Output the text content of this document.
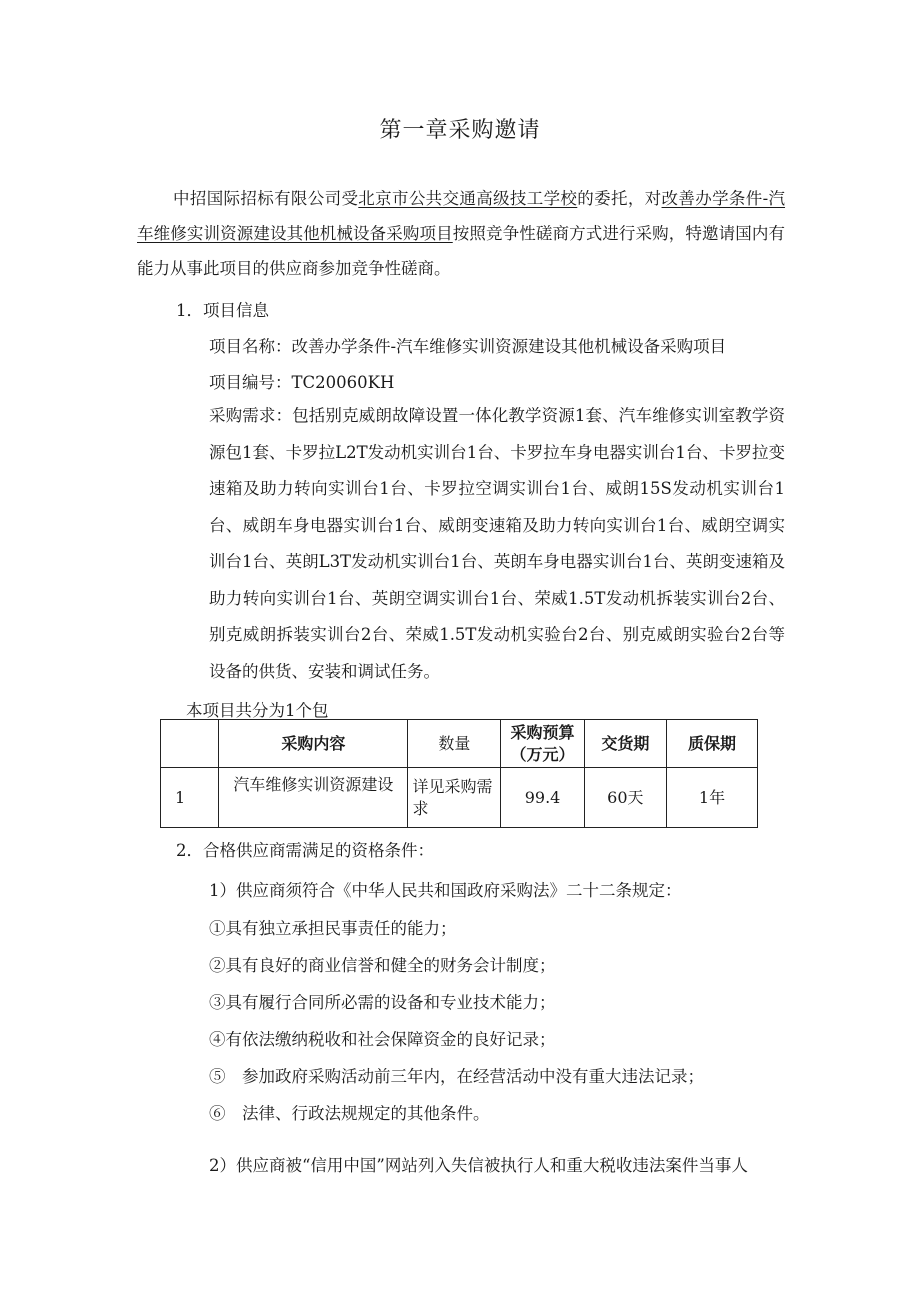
第一章采购邀请
中招国际招标有限公司受北京市公共交通高级技工学校的委托，对改善办学条件-汽车维修实训资源建设其他机械设备采购项目按照竞争性磋商方式进行采购，特邀请国内有能力从事此项目的供应商参加竞争性磋商。
1．项目信息
项目名称：改善办学条件-汽车维修实训资源建设其他机械设备采购项目
项目编号：TC20060KH
采购需求：包括别克威朗故障设置一体化教学资源1套、汽车维修实训室教学资源包1套、卡罗拉L2T发动机实训台1台、卡罗拉车身电器实训台1台、卡罗拉变速箱及助力转向实训台1台、卡罗拉空调实训台1台、威朗15S发动机实训台1台、威朗车身电器实训台1台、威朗变速箱及助力转向实训台1台、威朗空调实训台1台、英朗L3T发动机实训台1台、英朗车身电器实训台1台、英朗变速箱及助力转向实训台1台、英朗空调实训台1台、荣威1.5T发动机拆装实训台2台、别克威朗拆装实训台2台、荣威1.5T发动机实验台2台、别克威朗实验台2台等设备的供货、安装和调试任务。
本项目共分为1个包
	采购内容	数量	采购预算（万元）	交货期	质保期
1	汽车维修实训资源建设	详见采购需求	99.4	60天	1年
2．合格供应商需满足的资格条件：
1）供应商须符合《中华人民共和国政府采购法》二十二条规定：
①具有独立承担民事责任的能力；
②具有良好的商业信誉和健全的财务会计制度；
③具有履行合同所必需的设备和专业技术能力；
④有依法缴纳税收和社会保障资金的良好记录；
⑤　参加政府采购活动前三年内，在经营活动中没有重大违法记录；
⑥　法律、行政法规规定的其他条件。
2）供应商被“信用中国”网站列入失信被执行人和重大税收违法案件当事人
